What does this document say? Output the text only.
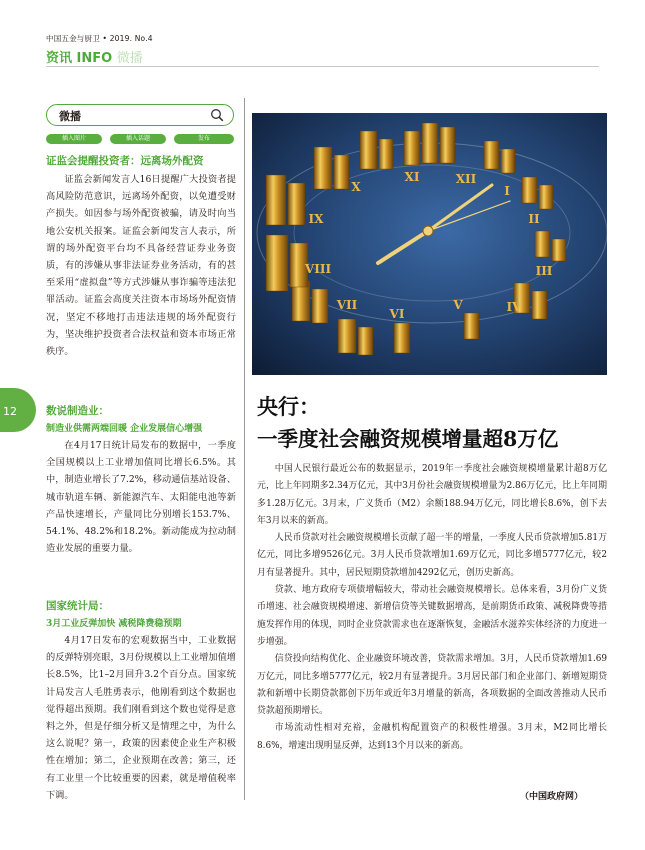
中国五金与厨卫 • 2019. No.4
资讯 INFO 微播
微播
插入图片	插入话题	发布
证监会提醒投资者：远离场外配资

证监会新闻发言人16日提醒广大投资者提高风险防范意识，远离场外配资，以免遭受财产损失。如因参与场外配资被骗，请及时向当地公安机关报案。证监会新闻发言人表示，所谓的场外配资平台均不具备经营证券业务资质，有的涉嫌从事非法证券业务活动，有的甚至采用“虚拟盘”等方式涉嫌从事诈骗等违法犯罪活动。证监会高度关注资本市场场外配资情况，坚定不移地打击违法违规的场外配资行为，坚决维护投资者合法权益和资本市场正常秩序。

数说制造业：
制造业供需两端回暖 企业发展信心增强

在4月17日统计局发布的数据中，一季度全国规模以上工业增加值同比增长6.5%。其中，制造业增长了7.2%，移动通信基站设备、城市轨道车辆、新能源汽车、太阳能电池等新产品快速增长，产量同比分别增长153.7%、54.1%、48.2%和18.2%。新动能成为拉动制造业发展的重要力量。

国家统计局：
3月工业反弹加快 减税降费稳预期

4月17日发布的宏观数据当中，工业数据的反弹特别亮眼，3月份规模以上工业增加值增长8.5%，比1–2月回升3.2个百分点。国家统计局发言人毛胜勇表示，他刚看到这个数据也觉得超出预期。我们刚看到这个数也觉得是意料之外，但是仔细分析又是情理之中，为什么这么说呢？第一，政策的因素使企业生产积极性在增加；第二，企业预期在改善；第三，还有工业里一个比较重要的因素，就是增值税率下调。

12
XI	XII
I
II
III
IV
V
VI
VII
VIII
IX
X
央行：
一季度社会融资规模增量超8万亿

中国人民银行最近公布的数据显示，2019年一季度社会融资规模增量累计超8万亿元，比上年同期多2.34万亿元，其中3月份社会融资规模增量为2.86万亿元，比上年同期多1.28万亿元。3月末，广义货币（M2）余额188.94万亿元，同比增长8.6%，创下去年3月以来的新高。

人民币贷款对社会融资规模增长贡献了超一半的增量，一季度人民币贷款增加5.81万亿元，同比多增9526亿元。3月人民币贷款增加1.69万亿元，同比多增5777亿元，较2月有显著提升。其中，居民短期贷款增加4292亿元，创历史新高。

贷款、地方政府专项债增幅较大，带动社会融资规模增长。总体来看，3月份广义货币增速、社会融资规模增速、新增信贷等关键数据增高，是前期货币政策、减税降费等措施发挥作用的体现，同时企业贷款需求也在逐渐恢复，金融活水滋养实体经济的力度进一步增强。

信贷投向结构优化、企业融资环境改善，贷款需求增加。3月，人民币贷款增加1.69万亿元，同比多增5777亿元，较2月有显著提升。3月居民部门和企业部门、新增短期贷款和新增中长期贷款都创下历年或近年3月增量的新高，各项数据的全面改善推动人民币贷款超预期增长。

市场流动性相对充裕，金融机构配置资产的积极性增强。3月末，M2同比增长8.6%，增速出现明显反弹，达到13个月以来的新高。

（中国政府网）
